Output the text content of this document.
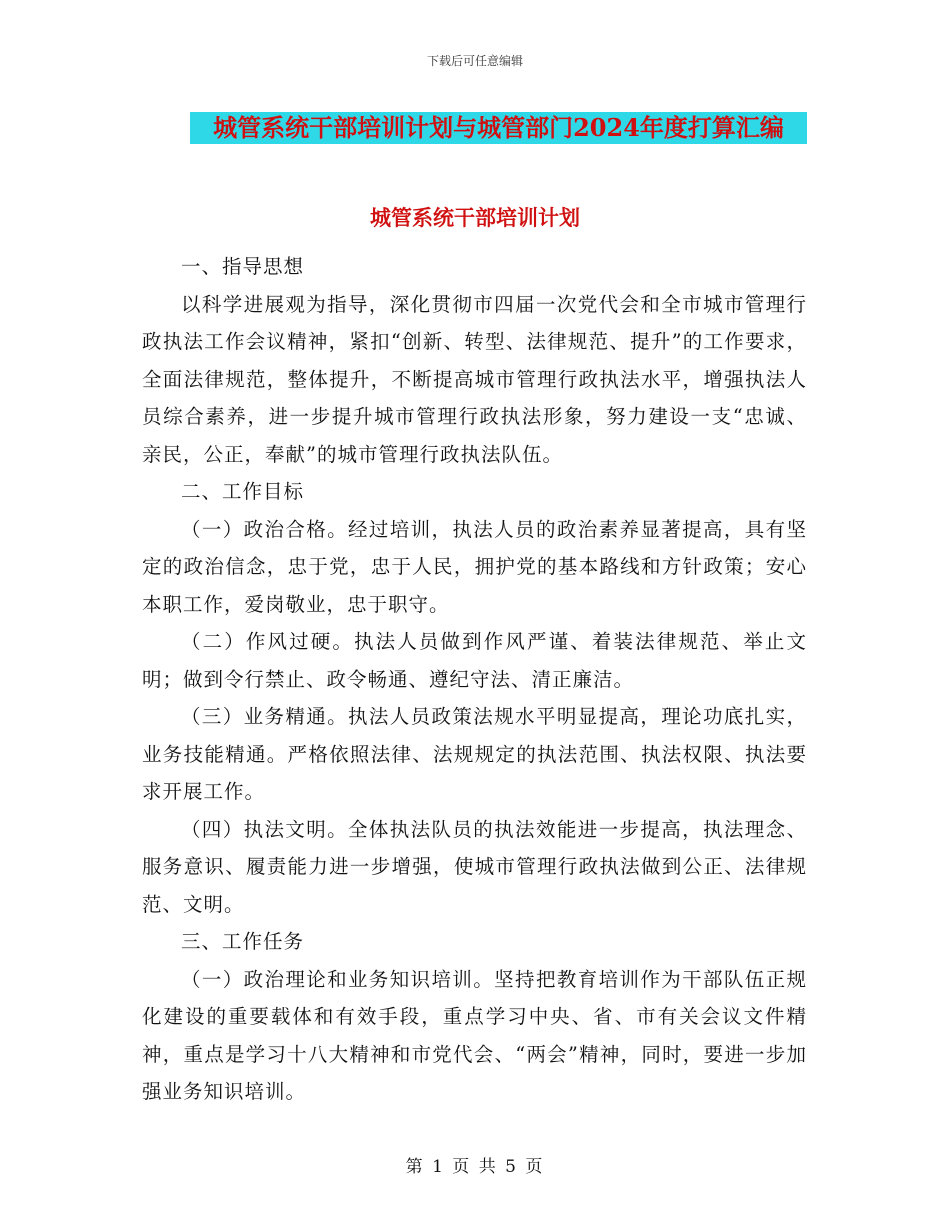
下载后可任意编辑
城管系统干部培训计划与城管部门2024年度打算汇编
城管系统干部培训计划

一、指导思想

以科学进展观为指导，深化贯彻市四届一次党代会和全市城市管理行政执法工作会议精神，紧扣“创新、转型、法律规范、提升”的工作要求，全面法律规范，整体提升，不断提高城市管理行政执法水平，增强执法人员综合素养，进一步提升城市管理行政执法形象，努力建设一支“忠诚、亲民，公正，奉献”的城市管理行政执法队伍。

二、工作目标

（一）政治合格。经过培训，执法人员的政治素养显著提高，具有坚定的政治信念，忠于党，忠于人民，拥护党的基本路线和方针政策；安心本职工作，爱岗敬业，忠于职守。

（二）作风过硬。执法人员做到作风严谨、着装法律规范、举止文明；做到令行禁止、政令畅通、遵纪守法、清正廉洁。

（三）业务精通。执法人员政策法规水平明显提高，理论功底扎实，业务技能精通。严格依照法律、法规规定的执法范围、执法权限、执法要求开展工作。

（四）执法文明。全体执法队员的执法效能进一步提高，执法理念、服务意识、履责能力进一步增强，使城市管理行政执法做到公正、法律规范、文明。

三、工作任务

（一）政治理论和业务知识培训。坚持把教育培训作为干部队伍正规化建设的重要载体和有效手段，重点学习中央、省、市有关会议文件精神，重点是学习十八大精神和市党代会、“两会”精神，同时，要进一步加强业务知识培训。

第 1 页 共 5 页
